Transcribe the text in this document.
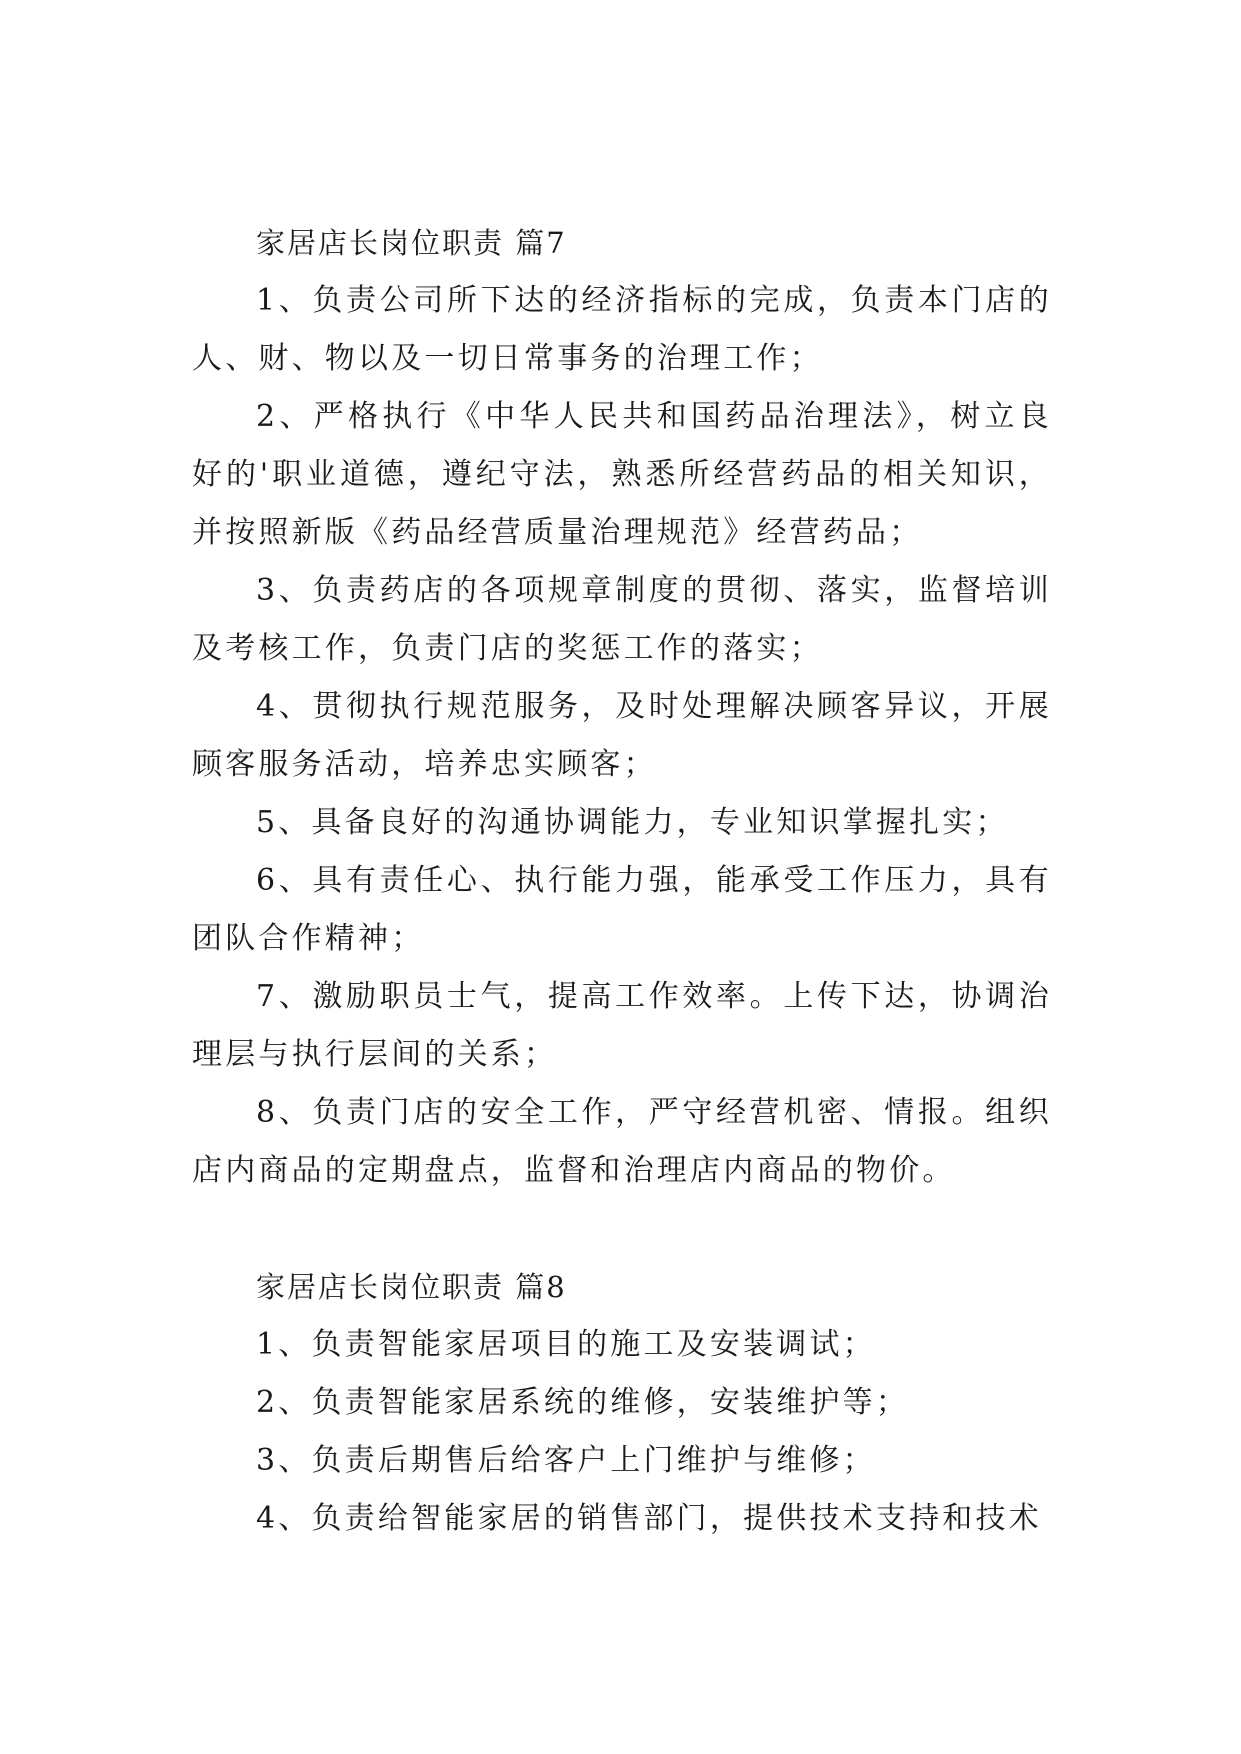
家居店长岗位职责 篇7

1、负责公司所下达的经济指标的完成，负责本门店的人、财、物以及一切日常事务的治理工作；

2、严格执行《中华人民共和国药品治理法》，树立良好的'职业道德，遵纪守法，熟悉所经营药品的相关知识，并按照新版《药品经营质量治理规范》经营药品；

3、负责药店的各项规章制度的贯彻、落实，监督培训及考核工作，负责门店的奖惩工作的落实；

4、贯彻执行规范服务，及时处理解决顾客异议，开展顾客服务活动，培养忠实顾客；

5、具备良好的沟通协调能力，专业知识掌握扎实；

6、具有责任心、执行能力强，能承受工作压力，具有团队合作精神；

7、激励职员士气，提高工作效率。上传下达，协调治理层与执行层间的关系；

8、负责门店的安全工作，严守经营机密、情报。组织店内商品的定期盘点，监督和治理店内商品的物价。

家居店长岗位职责 篇8

1、负责智能家居项目的施工及安装调试；

2、负责智能家居系统的维修，安装维护等；

3、负责后期售后给客户上门维护与维修；

4、负责给智能家居的销售部门，提供技术支持和技术
